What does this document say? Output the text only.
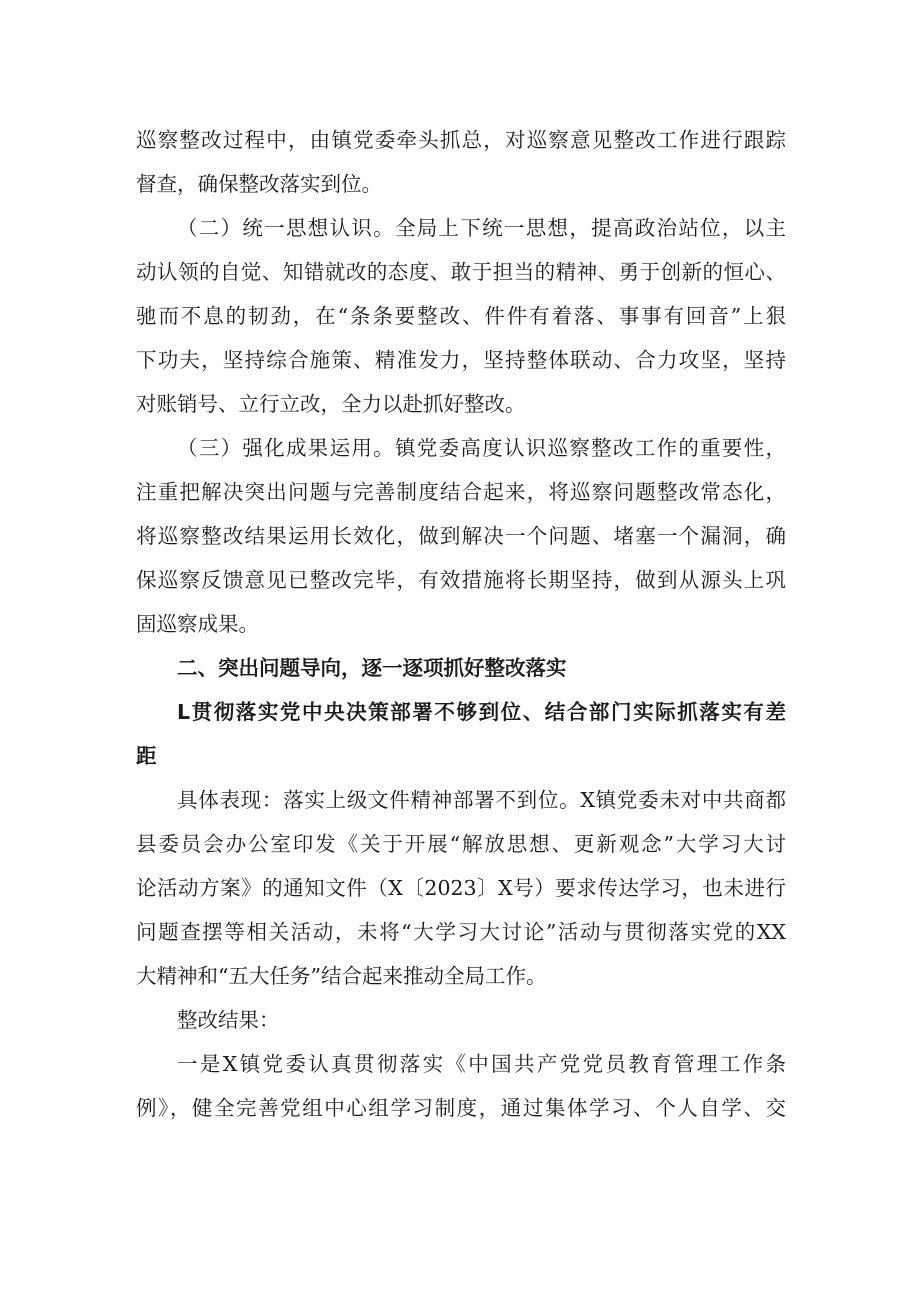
巡察整改过程中，由镇党委牵头抓总，对巡察意见整改工作进行跟踪
督查，确保整改落实到位。
（二）统一思想认识。全局上下统一思想，提高政治站位，以主
动认领的自觉、知错就改的态度、敢于担当的精神、勇于创新的恒心、
驰而不息的韧劲，在“条条要整改、件件有着落、事事有回音”上狠
下功夫，坚持综合施策、精准发力，坚持整体联动、合力攻坚，坚持
对账销号、立行立改，全力以赴抓好整改。
（三）强化成果运用。镇党委高度认识巡察整改工作的重要性，
注重把解决突出问题与完善制度结合起来，将巡察问题整改常态化，
将巡察整改结果运用长效化，做到解决一个问题、堵塞一个漏洞，确
保巡察反馈意见已整改完毕，有效措施将长期坚持，做到从源头上巩
固巡察成果。
二、突出问题导向，逐一逐项抓好整改落实
L贯彻落实党中央决策部署不够到位、结合部门实际抓落实有差
距
具体表现：落实上级文件精神部署不到位。X镇党委未对中共商都
县委员会办公室印发《关于开展“解放思想、更新观念”大学习大讨
论活动方案》的通知文件（X〔2023〕X号）要求传达学习，也未进行
问题查摆等相关活动，未将“大学习大讨论”活动与贯彻落实党的XX
大精神和“五大任务”结合起来推动全局工作。
整改结果：
一是X镇党委认真贯彻落实《中国共产党党员教育管理工作条
例》，健全完善党组中心组学习制度，通过集体学习、个人自学、交
